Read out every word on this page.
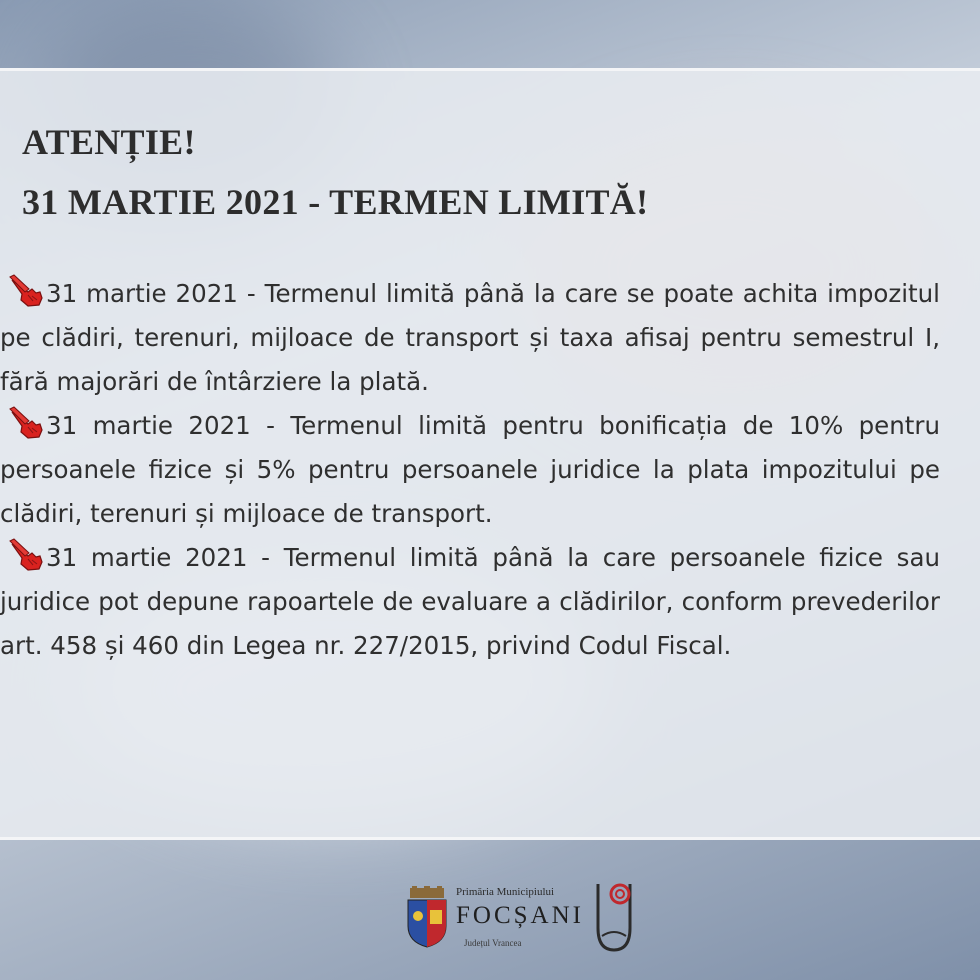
ATENȚIE!
31 MARTIE 2021 - TERMEN LIMITĂ!

31 martie 2021 - Termenul limită până la care se poate achita impozitul pe clădiri, terenuri, mijloace de transport și taxa afisaj pentru semestrul I, fără majorări de întârziere la plată.

31 martie 2021 - Termenul limită pentru bonificația de 10% pentru persoanele fizice și 5% pentru persoanele juridice la plata impozitului pe clădiri, terenuri și mijloace de transport.

31 martie 2021 - Termenul limită până la care persoanele fizice sau juridice pot depune rapoartele de evaluare a clădirilor, conform prevederilor art. 458 și 460 din Legea nr. 227/2015, privind Codul Fiscal.

Primăria Municipiului
FOCȘANI
Județul Vrancea
